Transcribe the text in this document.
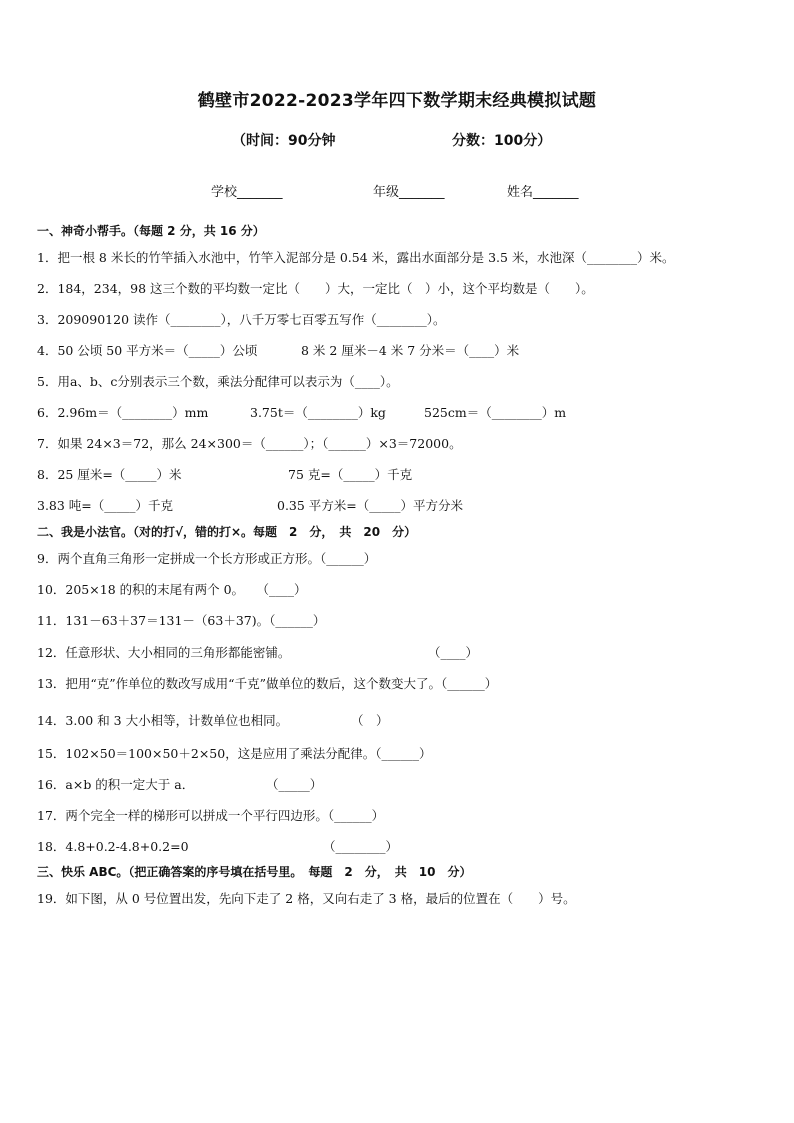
鹤壁市2022-2023学年四下数学期末经典模拟试题
（时间：90分钟	分数：100分）
学校_______	年级_______	姓名_______
一、神奇小帮手。（每题 2 分，共 16 分）
1．把一根 8 米长的竹竿插入水池中，竹竿入泥部分是 0.54 米，露出水面部分是 3.5 米，水池深（________）米。
2．184，234，98 这三个数的平均数一定比（　　）大，一定比（　）小，这个平均数是（　　）。
3．209090120 读作（________），八千万零七百零五写作（________）。
4．50 公顷 50 平方米＝（_____）公顷	8 米 2 厘米－4 米 7 分米＝（____）米
5．用a、b、c分别表示三个数，乘法分配律可以表示为（____）。
6．2.96m＝（________）mm	3.75t＝（________）kg	525cm＝（________）m
7．如果 24×3＝72，那么 24×300＝（______）；（______）×3＝72000。
8．25 厘米=（_____）米	75 克=（_____）千克
3.83 吨=（_____）千克	0.35 平方米=（_____）平方分米
二、我是小法官。（对的打√，错的打×。每题　2　分，　共　20　分）
9．两个直角三角形一定拼成一个长方形或正方形。（______）
10．205×18 的积的末尾有两个 0。　　（____）
11．131－63＋37＝131－（63＋37)。（______）
12．任意形状、大小相同的三角形都能密铺。	（____）
13．把用“克”作单位的数改写成用“千克”做单位的数后，这个数变大了。（______）
14．3.00 和 3 大小相等，计数单位也相同。	（　）
15．102×50＝100×50＋2×50，这是应用了乘法分配律。（______）
16．a×b 的积一定大于 a．	（_____）
17．两个完全一样的梯形可以拼成一个平行四边形。（______）
18．4.8+0.2-4.8+0.2=0	（________）
三、快乐 ABC。（把正确答案的序号填在括号里。　每题　2　分，　共　10　分）
19．如下图，从 0 号位置出发，先向下走了 2 格，又向右走了 3 格，最后的位置在（　　）号。
